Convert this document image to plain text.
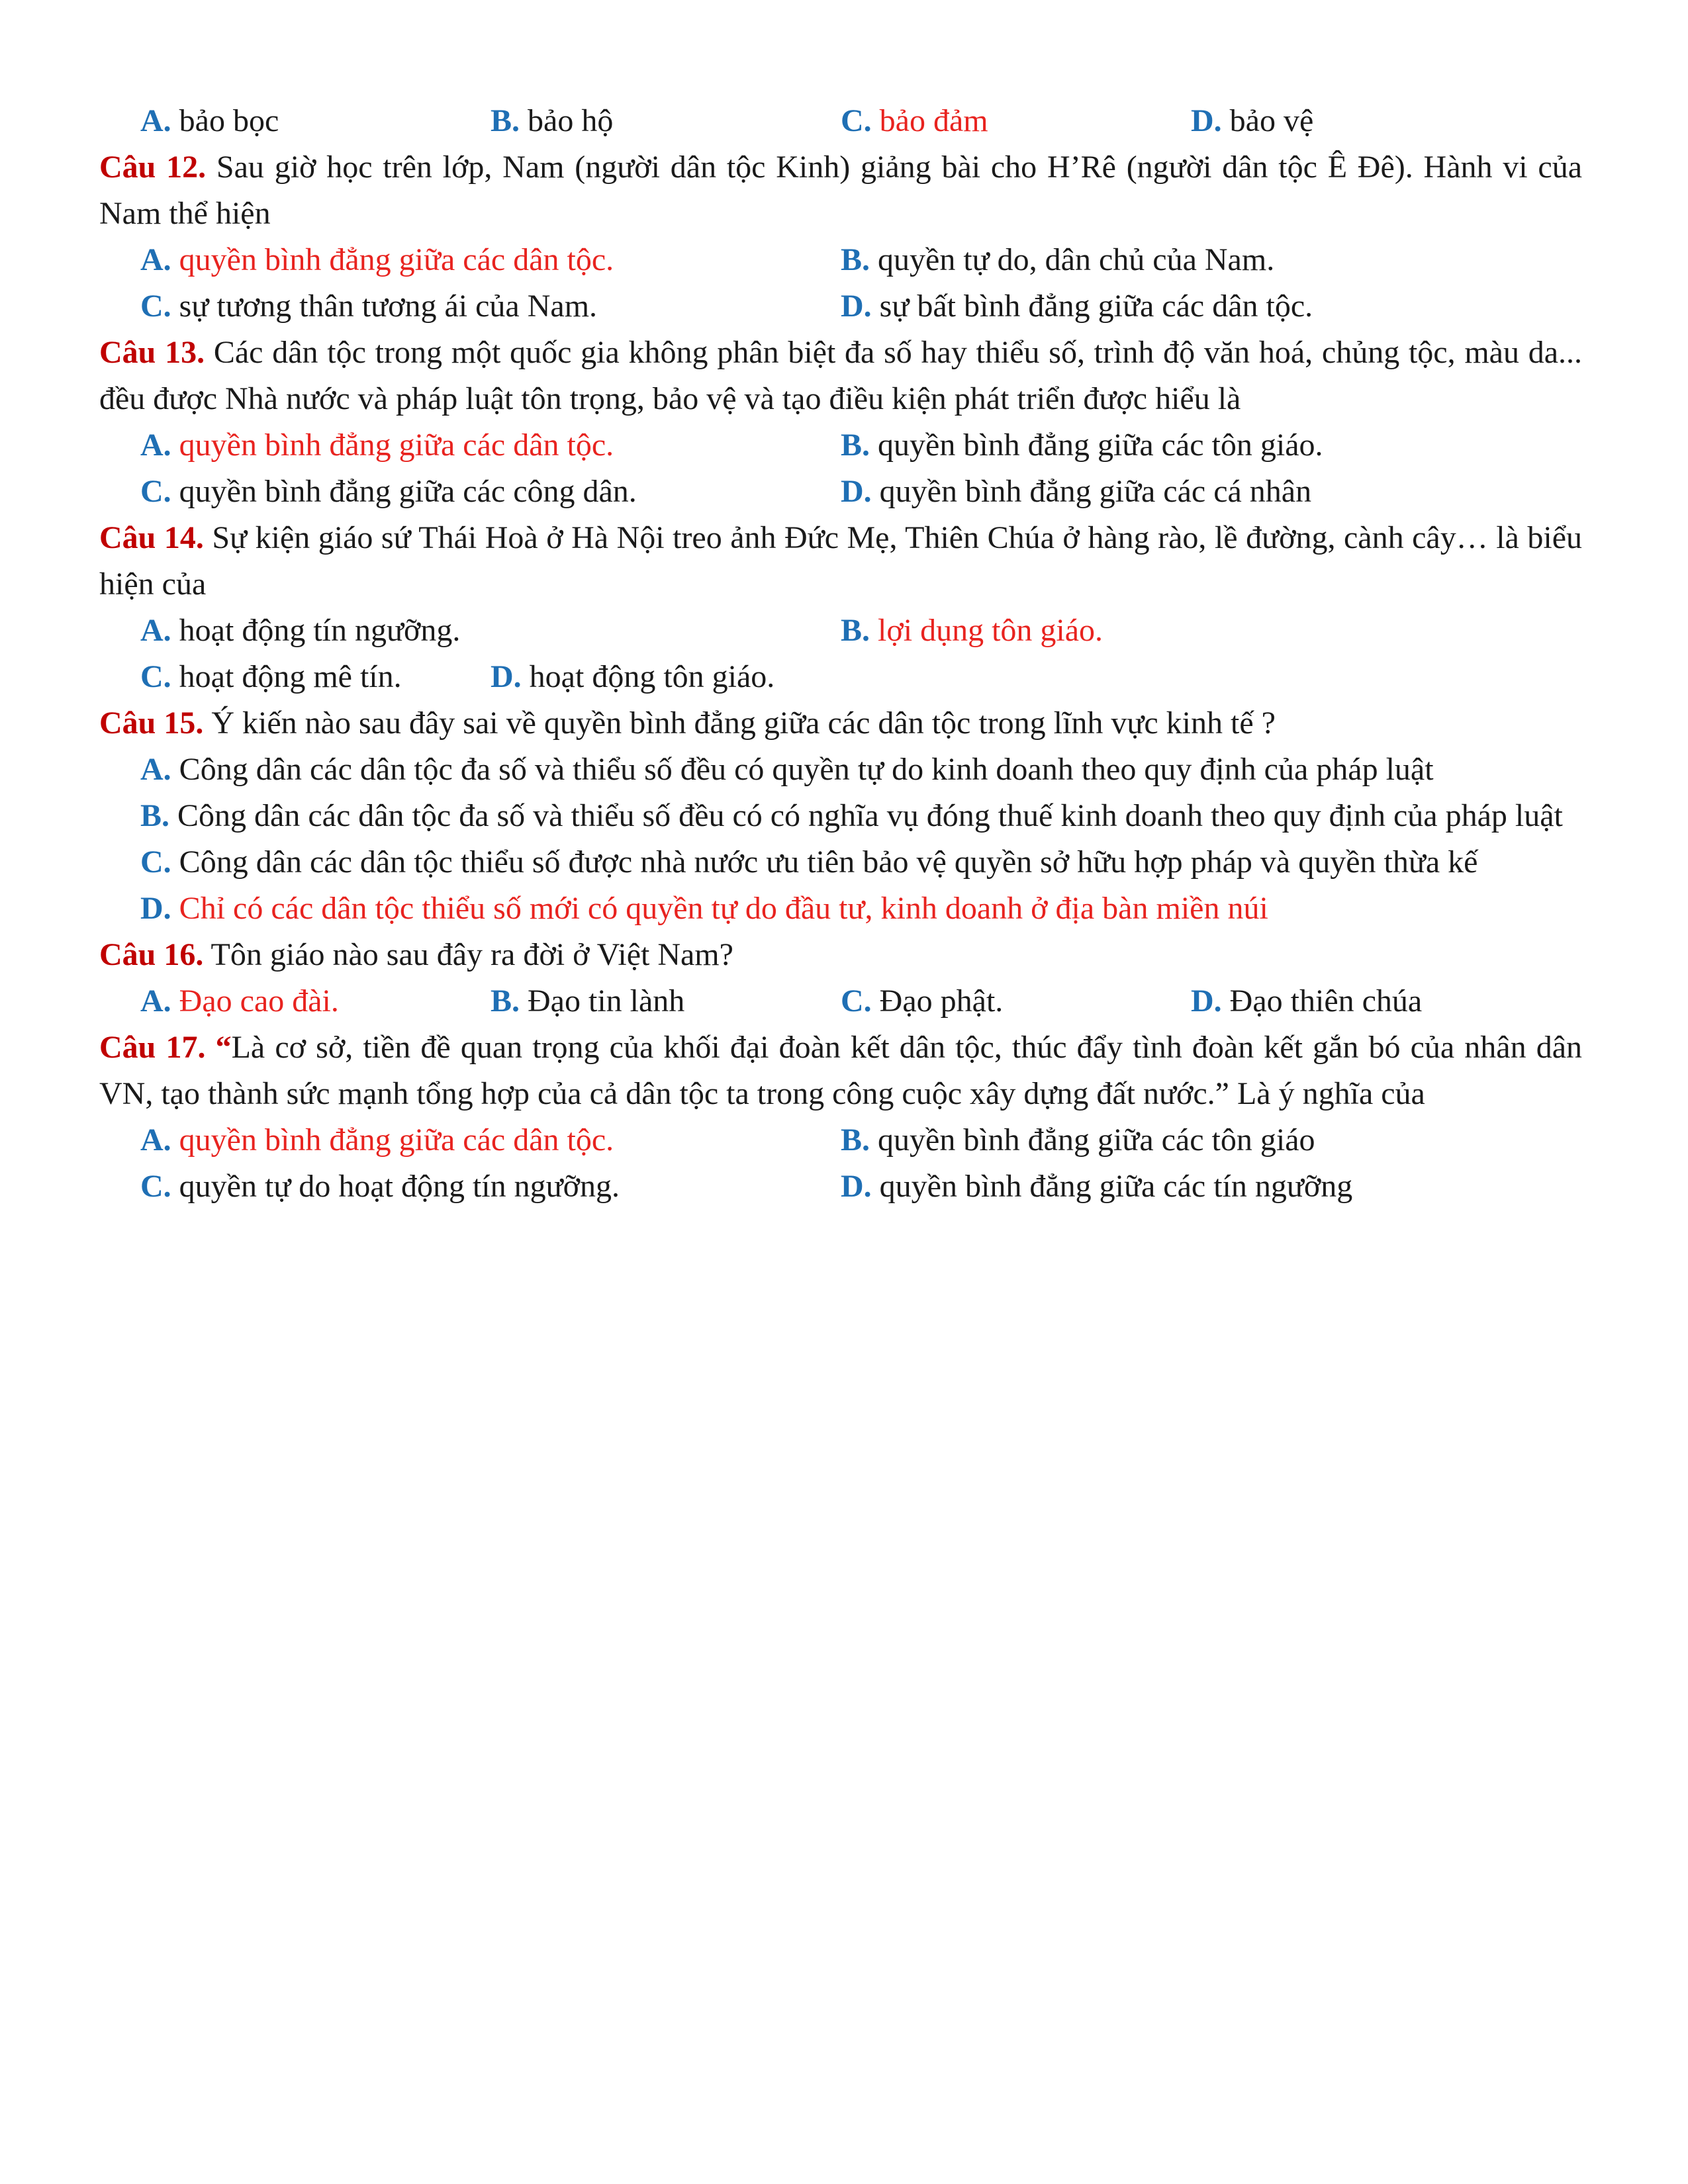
A. bảo bọc	B. bảo hộ	C. bảo đảm	D. bảo vệ

Câu 12. Sau giờ học trên lớp, Nam (người dân tộc Kinh) giảng bài cho H’Rê (người dân tộc Ê Đê). Hành vi của Nam thể hiện

A. quyền bình đẳng giữa các dân tộc.	B. quyền tự do, dân chủ của Nam.
C. sự tương thân tương ái của Nam.	D. sự bất bình đẳng giữa các dân tộc.

Câu 13. Các dân tộc trong một quốc gia không phân biệt đa số hay thiểu số, trình độ văn hoá, chủng tộc, màu da... đều được Nhà nước và pháp luật tôn trọng, bảo vệ và tạo điều kiện phát triển được hiểu là

A. quyền bình đẳng giữa các dân tộc.	B. quyền bình đẳng giữa các tôn giáo.
C. quyền bình đẳng giữa các công dân.	D. quyền bình đẳng giữa các cá nhân

Câu 14. Sự kiện giáo sứ Thái Hoà ở Hà Nội treo ảnh Đức Mẹ, Thiên Chúa ở hàng rào, lề đường, cành cây… là biểu hiện của

A. hoạt động tín ngưỡng.	B. lợi dụng tôn giáo.
C. hoạt động mê tín.	D. hoạt động tôn giáo.

Câu 15. Ý kiến nào sau đây sai về quyền bình đẳng giữa các dân tộc trong lĩnh vực kinh tế ?

A. Công dân các dân tộc đa số và thiểu số đều có quyền tự do kinh doanh theo quy định của pháp luật

B. Công dân các dân tộc đa số và thiểu số đều có có nghĩa vụ đóng thuế kinh doanh theo quy định của pháp luật

C. Công dân các dân tộc thiểu số được nhà nước ưu tiên bảo vệ quyền sở hữu hợp pháp và quyền thừa kế

D. Chỉ có các dân tộc thiểu số mới có quyền tự do đầu tư, kinh doanh ở địa bàn miền núi

Câu 16. Tôn giáo nào sau đây ra đời ở Việt Nam?

A. Đạo cao đài.	B. Đạo tin lành	C. Đạo phật.	D. Đạo thiên chúa

Câu 17. “Là cơ sở, tiền đề quan trọng của khối đại đoàn kết dân tộc, thúc đẩy tình đoàn kết gắn bó của nhân dân VN, tạo thành sức mạnh tổng hợp của cả dân tộc ta trong công cuộc xây dựng đất nước.” Là ý nghĩa của

A. quyền bình đẳng giữa các dân tộc.	B. quyền bình đẳng giữa các tôn giáo
C. quyền tự do hoạt động tín ngưỡng.	D. quyền bình đẳng giữa các tín ngưỡng
